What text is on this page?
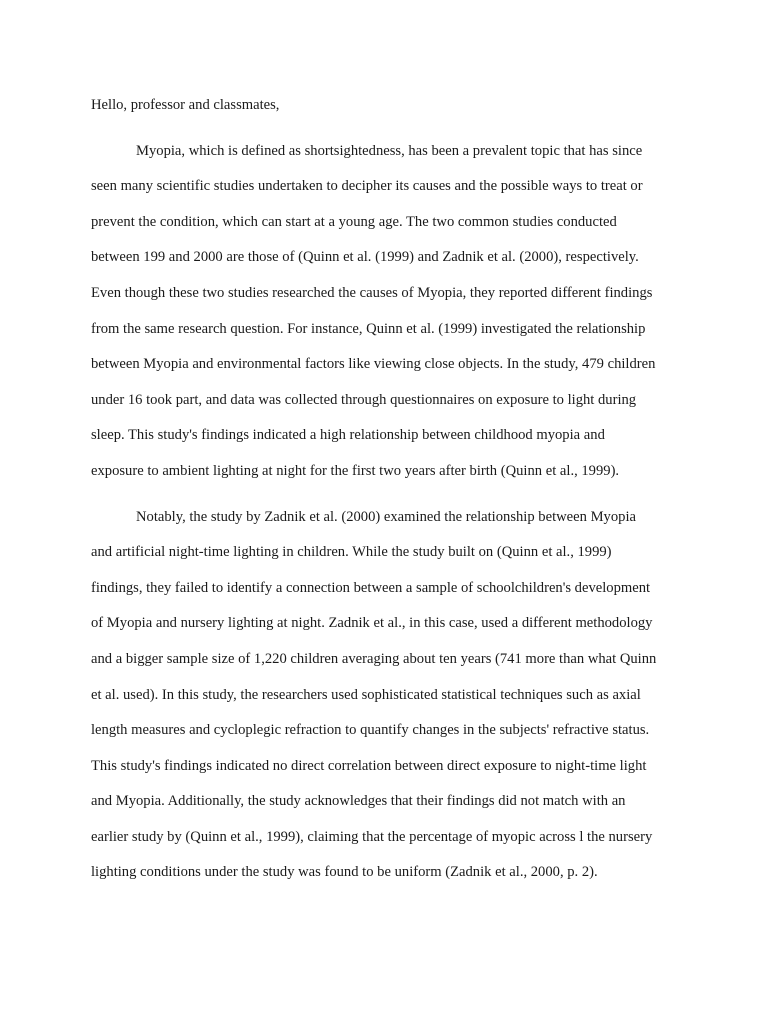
Hello, professor and classmates,
Myopia, which is defined as shortsightedness, has been a prevalent topic that has since
seen many scientific studies undertaken to decipher its causes and the possible ways to treat or
prevent the condition, which can start at a young age. The two common studies conducted
between 199 and 2000 are those of (Quinn et al. (1999) and Zadnik et al. (2000), respectively.
Even though these two studies researched the causes of Myopia, they reported different findings
from the same research question. For instance, Quinn et al. (1999) investigated the relationship
between Myopia and environmental factors like viewing close objects. In the study, 479 children
under 16 took part, and data was collected through questionnaires on exposure to light during
sleep. This study's findings indicated a high relationship between childhood myopia and
exposure to ambient lighting at night for the first two years after birth (Quinn et al., 1999).
Notably, the study by Zadnik et al. (2000) examined the relationship between Myopia
and artificial night-time lighting in children. While the study built on (Quinn et al., 1999)
findings, they failed to identify a connection between a sample of schoolchildren's development
of Myopia and nursery lighting at night. Zadnik et al., in this case, used a different methodology
and a bigger sample size of 1,220 children averaging about ten years (741 more than what Quinn
et al. used). In this study, the researchers used sophisticated statistical techniques such as axial
length measures and cycloplegic refraction to quantify changes in the subjects' refractive status.
This study's findings indicated no direct correlation between direct exposure to night-time light
and Myopia. Additionally, the study acknowledges that their findings did not match with an
earlier study by (Quinn et al., 1999), claiming that the percentage of myopic across l the nursery
lighting conditions under the study was found to be uniform (Zadnik et al., 2000, p. 2).
